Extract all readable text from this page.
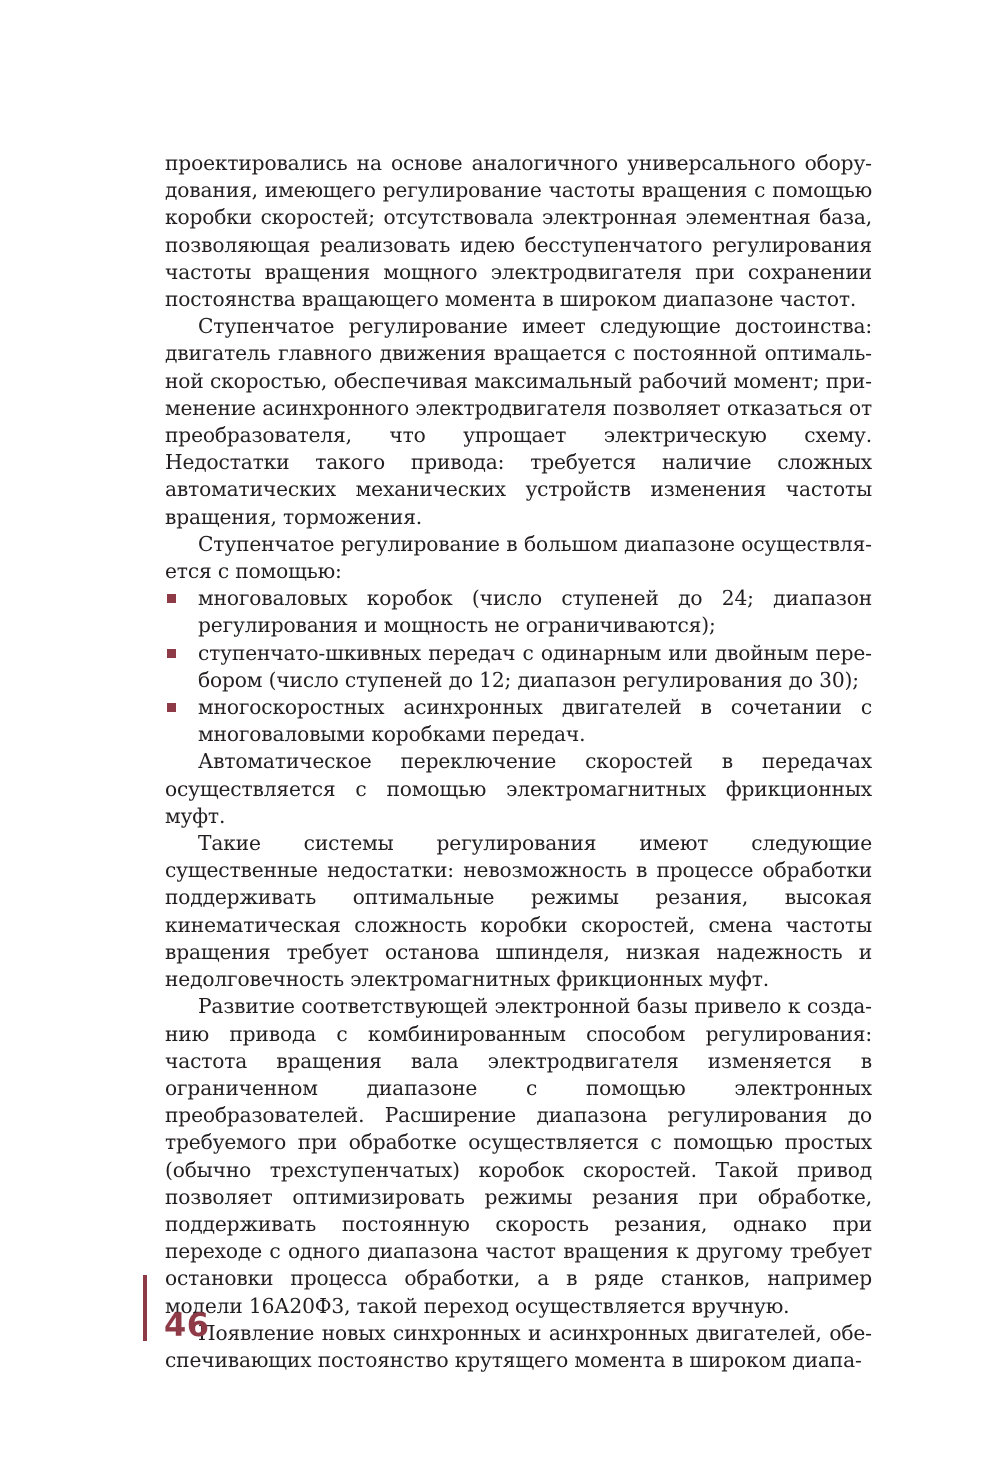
проектировались на основе аналогичного универсального оборудования, имеющего регулирование частоты вращения с помощью коробки скоростей; отсутствовала электронная элементная база, позволяющая реализовать идею бесступенчатого регулирования частоты вращения мощного электродвигателя при сохранении постоянства вращающего момента в широком диапазоне частот.

Ступенчатое регулирование имеет следующие достоинства: двигатель главного движения вращается с постоянной оптимальной скоростью, обеспечивая максимальный рабочий момент; применение асинхронного электродвигателя позволяет отказаться от преобразователя, что упрощает электрическую схему. Недостатки такого привода: требуется наличие сложных автоматических механических устройств изменения частоты вращения, торможения.

Ступенчатое регулирование в большом диапазоне осуществляется с помощью:

многоваловых коробок (число ступеней до 24; диапазон регулирования и мощность не ограничиваются);
ступенчато-шкивных передач с одинарным или двойным перебором (число ступеней до 12; диапазон регулирования до 30);
многоскоростных асинхронных двигателей в сочетании с многоваловыми коробками передач.

Автоматическое переключение скоростей в передачах осуществляется с помощью электромагнитных фрикционных муфт.

Такие системы регулирования имеют следующие существенные недостатки: невозможность в процессе обработки поддерживать оптимальные режимы резания, высокая кинематическая сложность коробки скоростей, смена частоты вращения требует останова шпинделя, низкая надежность и недолговечность электромагнитных фрикционных муфт.

Развитие соответствующей электронной базы привело к созданию привода с комбинированным способом регулирования: частота вращения вала электродвигателя изменяется в ограниченном диапазоне с помощью электронных преобразователей. Расширение диапазона регулирования до требуемого при обработке осуществляется с помощью простых (обычно трехступенчатых) коробок скоростей. Такой привод позволяет оптимизировать режимы резания при обработке, поддерживать постоянную скорость резания, однако при переходе с одного диапазона частот вращения к другому требует остановки процесса обработки, а в ряде станков, например модели 16А20Ф3, такой переход осуществляется вручную.

Появление новых синхронных и асинхронных двигателей, обеспечивающих постоянство крутящего момента в широком диапа-

46
